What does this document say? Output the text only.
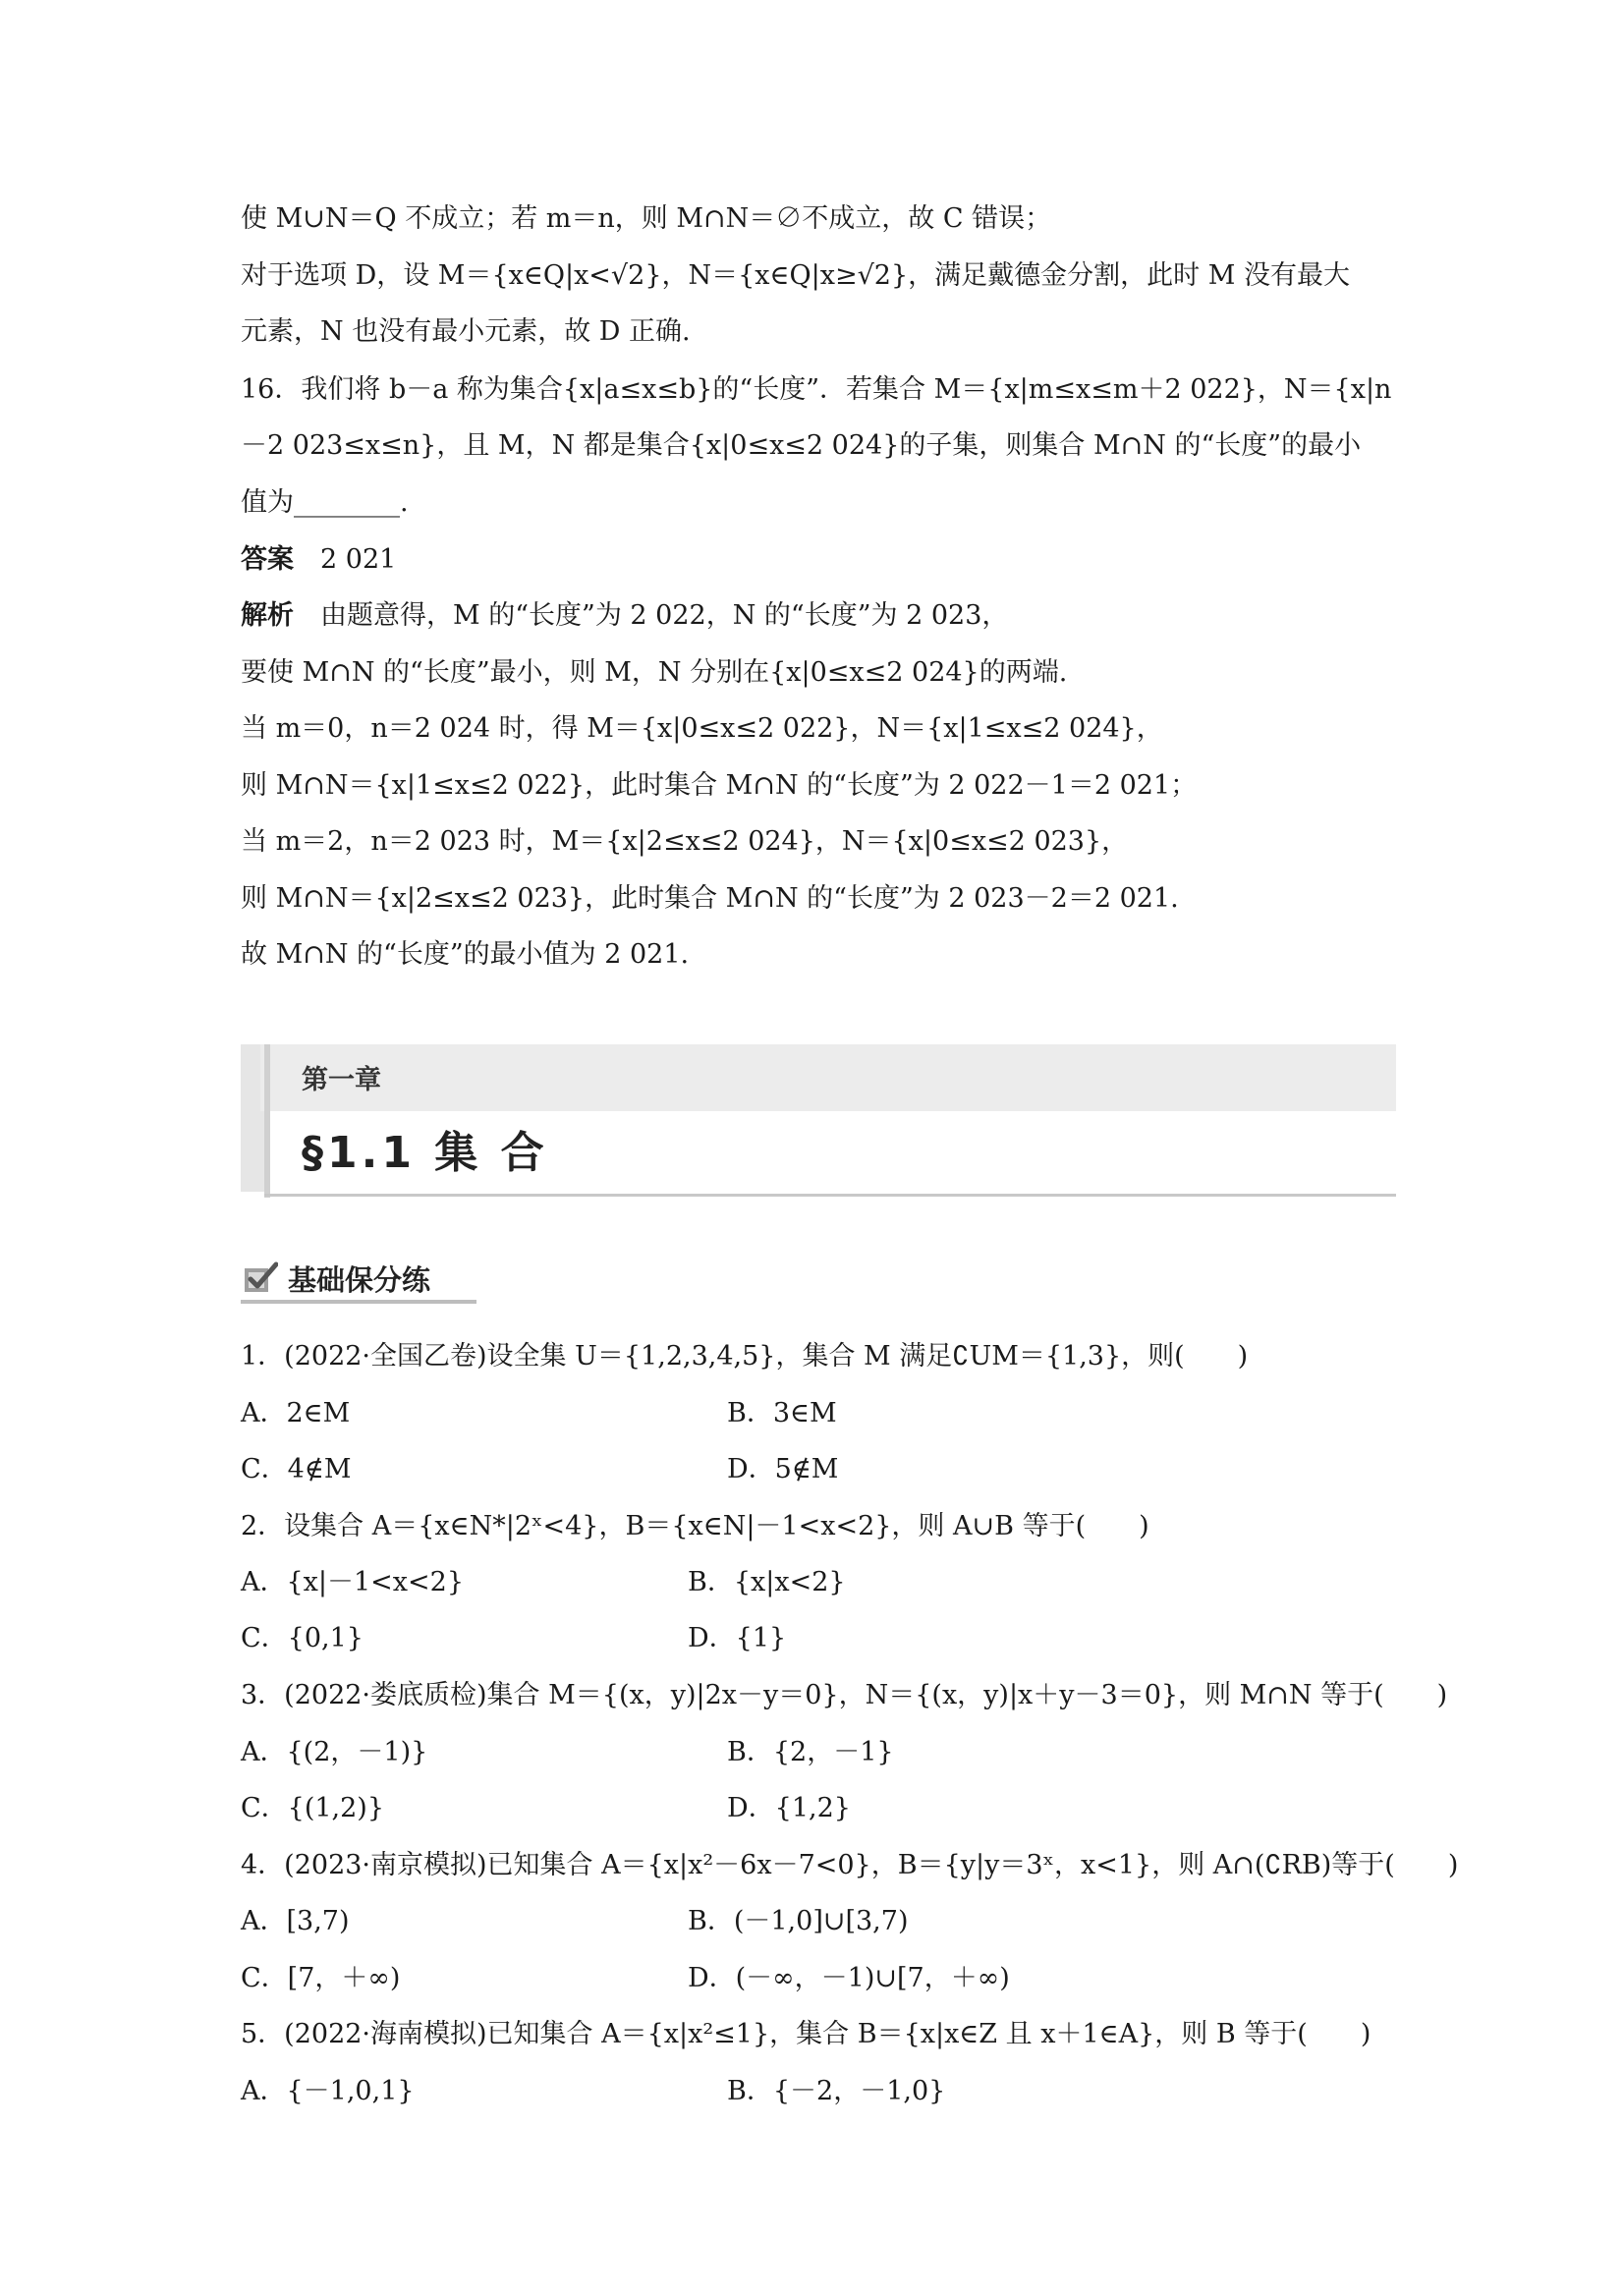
使 M∪N＝Q 不成立；若 m＝n，则 M∩N＝∅不成立，故 C 错误；
对于选项 D，设 M＝{x∈Q|x<√2}，N＝{x∈Q|x≥√2}，满足戴德金分割，此时 M 没有最大
元素，N 也没有最小元素，故 D 正确.
16．我们将 b－a 称为集合{x|a≤x≤b}的“长度”．若集合 M＝{x|m≤x≤m＋2 022}，N＝{x|n
－2 023≤x≤n}，且 M，N 都是集合{x|0≤x≤2 024}的子集，则集合 M∩N 的“长度”的最小
值为________.
答案　 2 021
解析　 由题意得，M 的“长度”为 2 022，N 的“长度”为 2 023，
要使 M∩N 的“长度”最小，则 M，N 分别在{x|0≤x≤2 024}的两端.
当 m＝0，n＝2 024 时，得 M＝{x|0≤x≤2 022}，N＝{x|1≤x≤2 024}，
则 M∩N＝{x|1≤x≤2 022}，此时集合 M∩N 的“长度”为 2 022－1＝2 021；
当 m＝2，n＝2 023 时，M＝{x|2≤x≤2 024}，N＝{x|0≤x≤2 023}，
则 M∩N＝{x|2≤x≤2 023}，此时集合 M∩N 的“长度”为 2 023－2＝2 021.
故 M∩N 的“长度”的最小值为 2 021.
第一章
§1.1 集 合
基础保分练
1．(2022·全国乙卷)设全集 U＝{1,2,3,4,5}，集合 M 满足∁UM＝{1,3}，则(　　)
A．2∈M	B．3∈M
C．4∉M	D．5∉M
2．设集合 A＝{x∈N*|2ˣ<4}，B＝{x∈N|－1<x<2}，则 A∪B 等于(　　)
A．{x|－1<x<2}	B．{x|x<2}
C．{0,1}	D．{1}
3．(2022·娄底质检)集合 M＝{(x，y)|2x－y＝0}，N＝{(x，y)|x＋y－3＝0}，则 M∩N 等于(　　)
A．{(2，－1)}	B．{2，－1}
C．{(1,2)}	D．{1,2}
4．(2023·南京模拟)已知集合 A＝{x|x²－6x－7<0}，B＝{y|y＝3ˣ，x<1}，则 A∩(∁RB)等于(　　)
A．[3,7)	B．(－1,0]∪[3,7)
C．[7，＋∞)	D．(－∞，－1)∪[7，＋∞)
5．(2022·海南模拟)已知集合 A＝{x|x²≤1}，集合 B＝{x|x∈Z 且 x＋1∈A}，则 B 等于(　　)
A．{－1,0,1}	B．{－2，－1,0}
